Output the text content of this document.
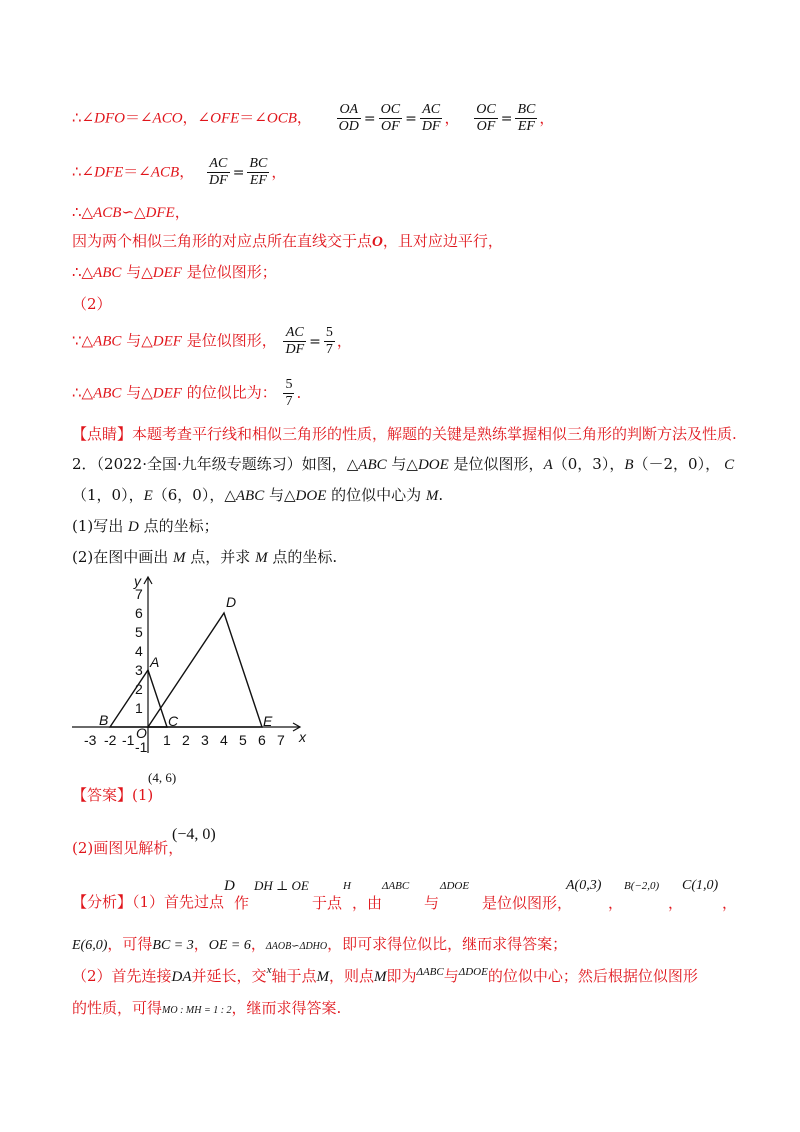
∴∠DFO＝∠ACO，∠OFE＝∠OCB， $\frac{OA}{OD} = \frac{OC}{OF} = \frac{AC}{DF}$ ， $\frac{OC}{OF} = \frac{BC}{EF}$ ，
∴∠DFE＝∠ACB， $\frac{AC}{DF} = \frac{BC}{EF}$ ，
∴△ACB∽△DFE，
因为两个相似三角形的对应点所在直线交于点O，且对应边平行，
∴△ABC 与△DEF 是位似图形；
（2）
∵△ABC 与△DEF 是位似图形， $\frac{AC}{DF} = \frac{5}{7}$ ，
∴△ABC 与△DEF 的位似比为： $\frac{5}{7}$ .
【点睛】本题考查平行线和相似三角形的性质，解题的关键是熟练掌握相似三角形的判断方法及性质.
2．（2022·全国·九年级专题练习）如图，△ABC 与△DOE 是位似图形，A（0，3），B（－2，0）， C
（1，0），E（6，0），△ABC 与△DOE 的位似中心为 M.
(1)写出 D 点的坐标；
(2)在图中画出 M 点，并求 M 点的坐标.
-3 -2 -1 1 2 3 4 5 6 7
7
6
5
4
3
2
1
-1
y
x
O
A
B	C
D
E
【答案】(1)
(4, 6)
(2)画图见解析，
(−4, 0)
【分析】（1）首先过点
D
作
DH ⊥ OE
于点
H
，由
ΔABC
与
ΔDOE
是位似图形，
A(0,3)
，
B(−2,0)
，
C(1,0)
，
E(6,0)，可得BC = 3，OE = 6，ΔAOB∽ΔDHO，即可求得位似比，继而求得答案；
（2）首先连接DA并延长，交$^x$轴于点M，则点M即为$^{\Delta ABC}$与$^{\Delta DOE}$的位似中心；然后根据位似图形
的性质，可得MO : MH = 1 : 2，继而求得答案.
